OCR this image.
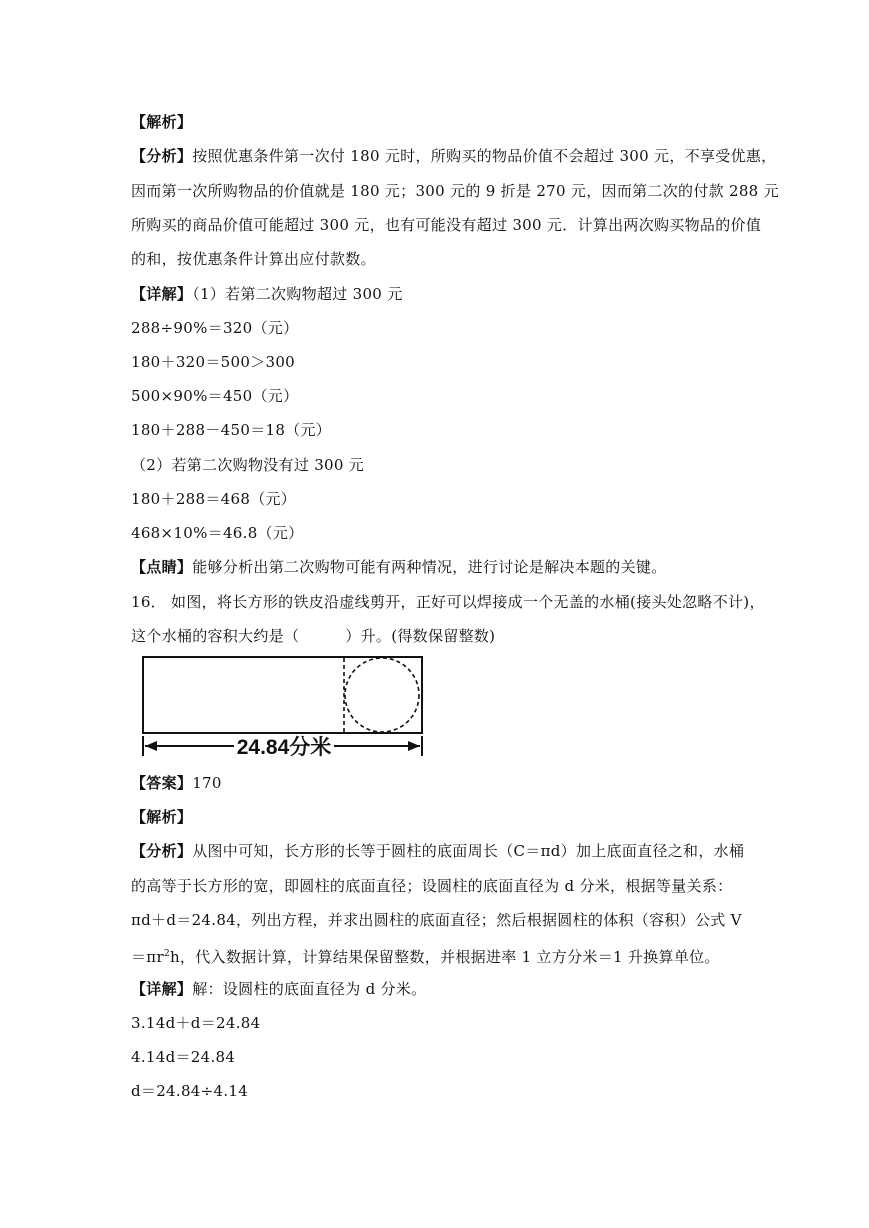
【解析】
【分析】按照优惠条件第一次付 180 元时，所购买的物品价值不会超过 300 元，不享受优惠，
因而第一次所购物品的价值就是 180 元；300 元的 9 折是 270 元，因而第二次的付款 288 元
所购买的商品价值可能超过 300 元，也有可能没有超过 300 元．计算出两次购买物品的价值
的和，按优惠条件计算出应付款数。
【详解】（1）若第二次购物超过 300 元
288÷90%＝320（元）
180＋320＝500＞300
500×90%＝450（元）
180＋288－450＝18（元）
（2）若第二次购物没有过 300 元
180＋288＝468（元）
468×10%＝46.8（元）
【点睛】能够分析出第二次购物可能有两种情况，进行讨论是解决本题的关键。
16． 如图，将长方形的铁皮沿虚线剪开，正好可以焊接成一个无盖的水桶(接头处忽略不计)，
这个水桶的容积大约是（	）升。(得数保留整数)
24.84分米
【答案】170
【解析】
【分析】从图中可知，长方形的长等于圆柱的底面周长（C＝πd）加上底面直径之和，水桶
的高等于长方形的宽，即圆柱的底面直径；设圆柱的底面直径为 d 分米，根据等量关系：
πd＋d＝24.84，列出方程，并求出圆柱的底面直径；然后根据圆柱的体积（容积）公式 V
$=\pi r^2h$，代入数据计算，计算结果保留整数，并根据进率 1 立方分米＝1 升换算单位。
【详解】解：设圆柱的底面直径为 d 分米。
3.14d＋d＝24.84
4.14d＝24.84
d＝24.84÷4.14
